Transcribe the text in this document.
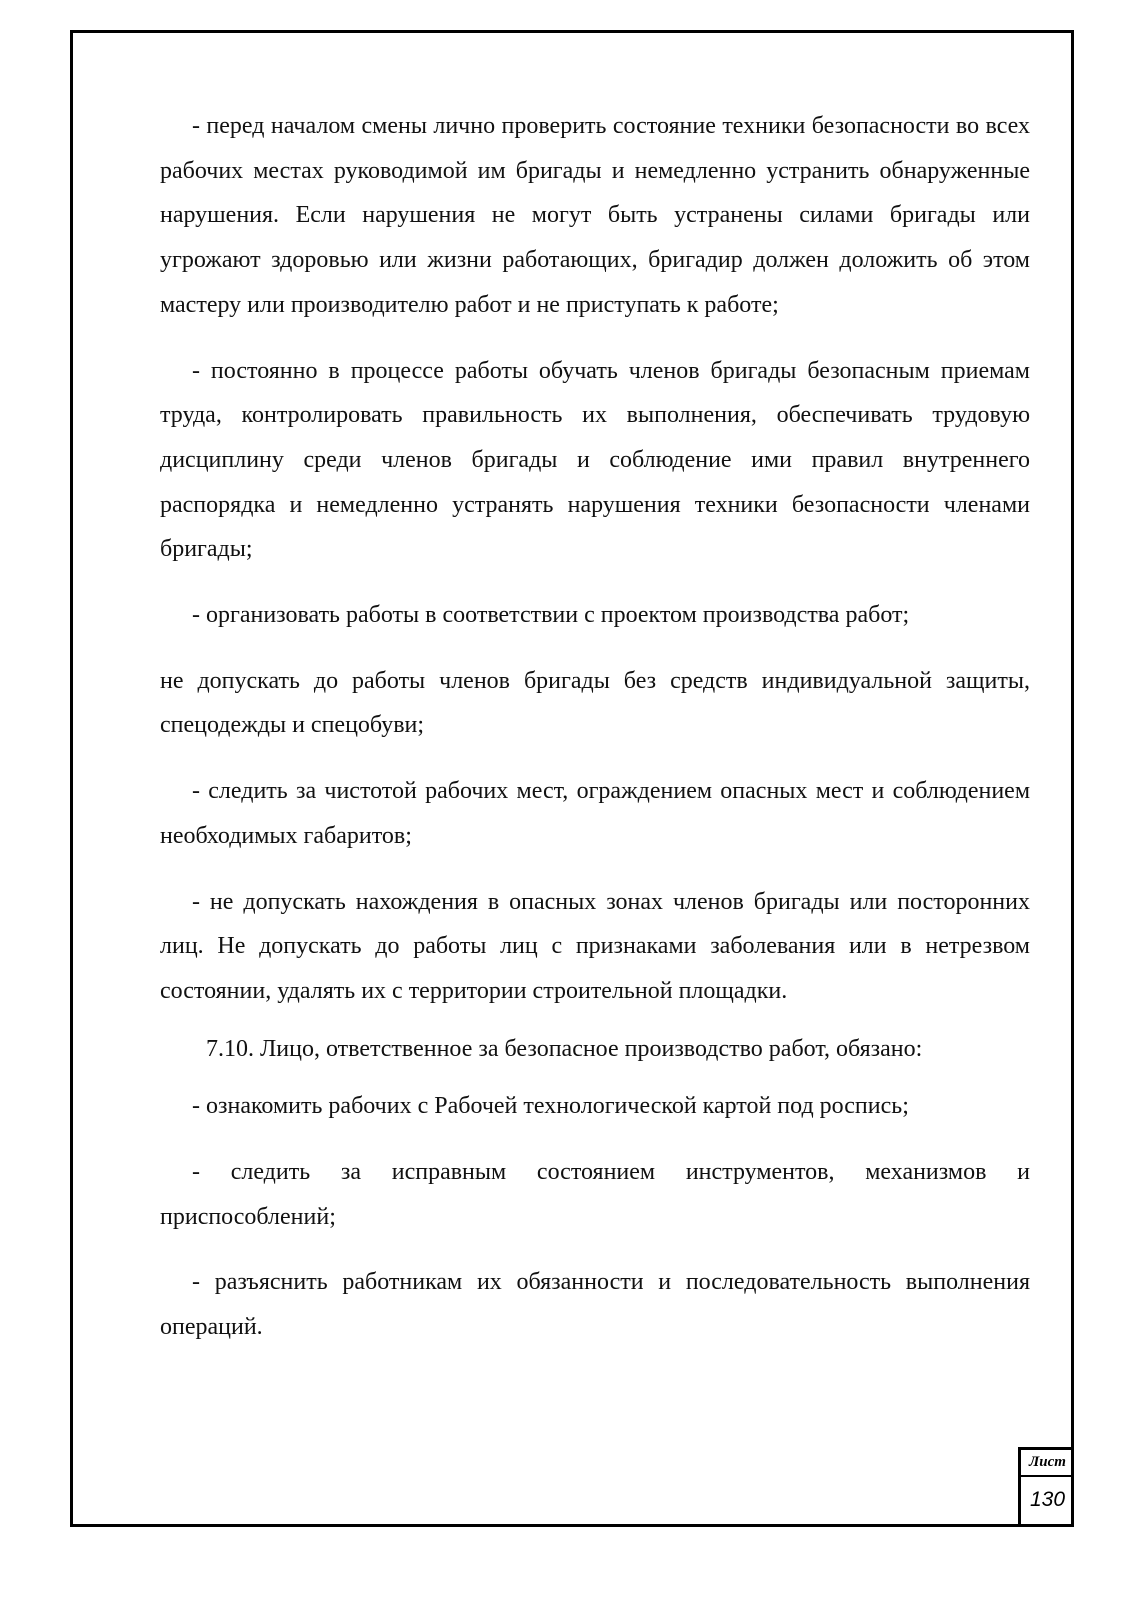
- перед началом смены лично проверить состояние техники безопасности во всех рабочих местах руководимой им бригады и немедленно устранить обнаруженные нарушения. Если нарушения не могут быть устранены силами бригады или угрожают здоровью или жизни работающих, бригадир должен доложить об этом мастеру или производителю работ и не приступать к работе;

- постоянно в процессе работы обучать членов бригады безопасным приемам труда, контролировать правильность их выполнения, обеспечивать трудовую дисциплину среди членов бригады и соблюдение ими правил внутреннего распорядка и немедленно устранять нарушения техники безопасности членами бригады;

- организовать работы в соответствии с проектом производства работ;

не допускать до работы членов бригады без средств индивидуальной защиты, спецодежды и спецобуви;

- следить за чистотой рабочих мест, ограждением опасных мест и соблюдением необходимых габаритов;

- не допускать нахождения в опасных зонах членов бригады или посторонних лиц. Не допускать до работы лиц с признаками заболевания или в нетрезвом состоянии, удалять их с территории строительной площадки.

7.10. Лицо, ответственное за безопасное производство работ, обязано:

- ознакомить рабочих с Рабочей технологической картой под роспись;

- следить за исправным состоянием инструментов, механизмов и приспособлений;

- разъяснить работникам их обязанности и последовательность выполнения операций.

Лист
130
